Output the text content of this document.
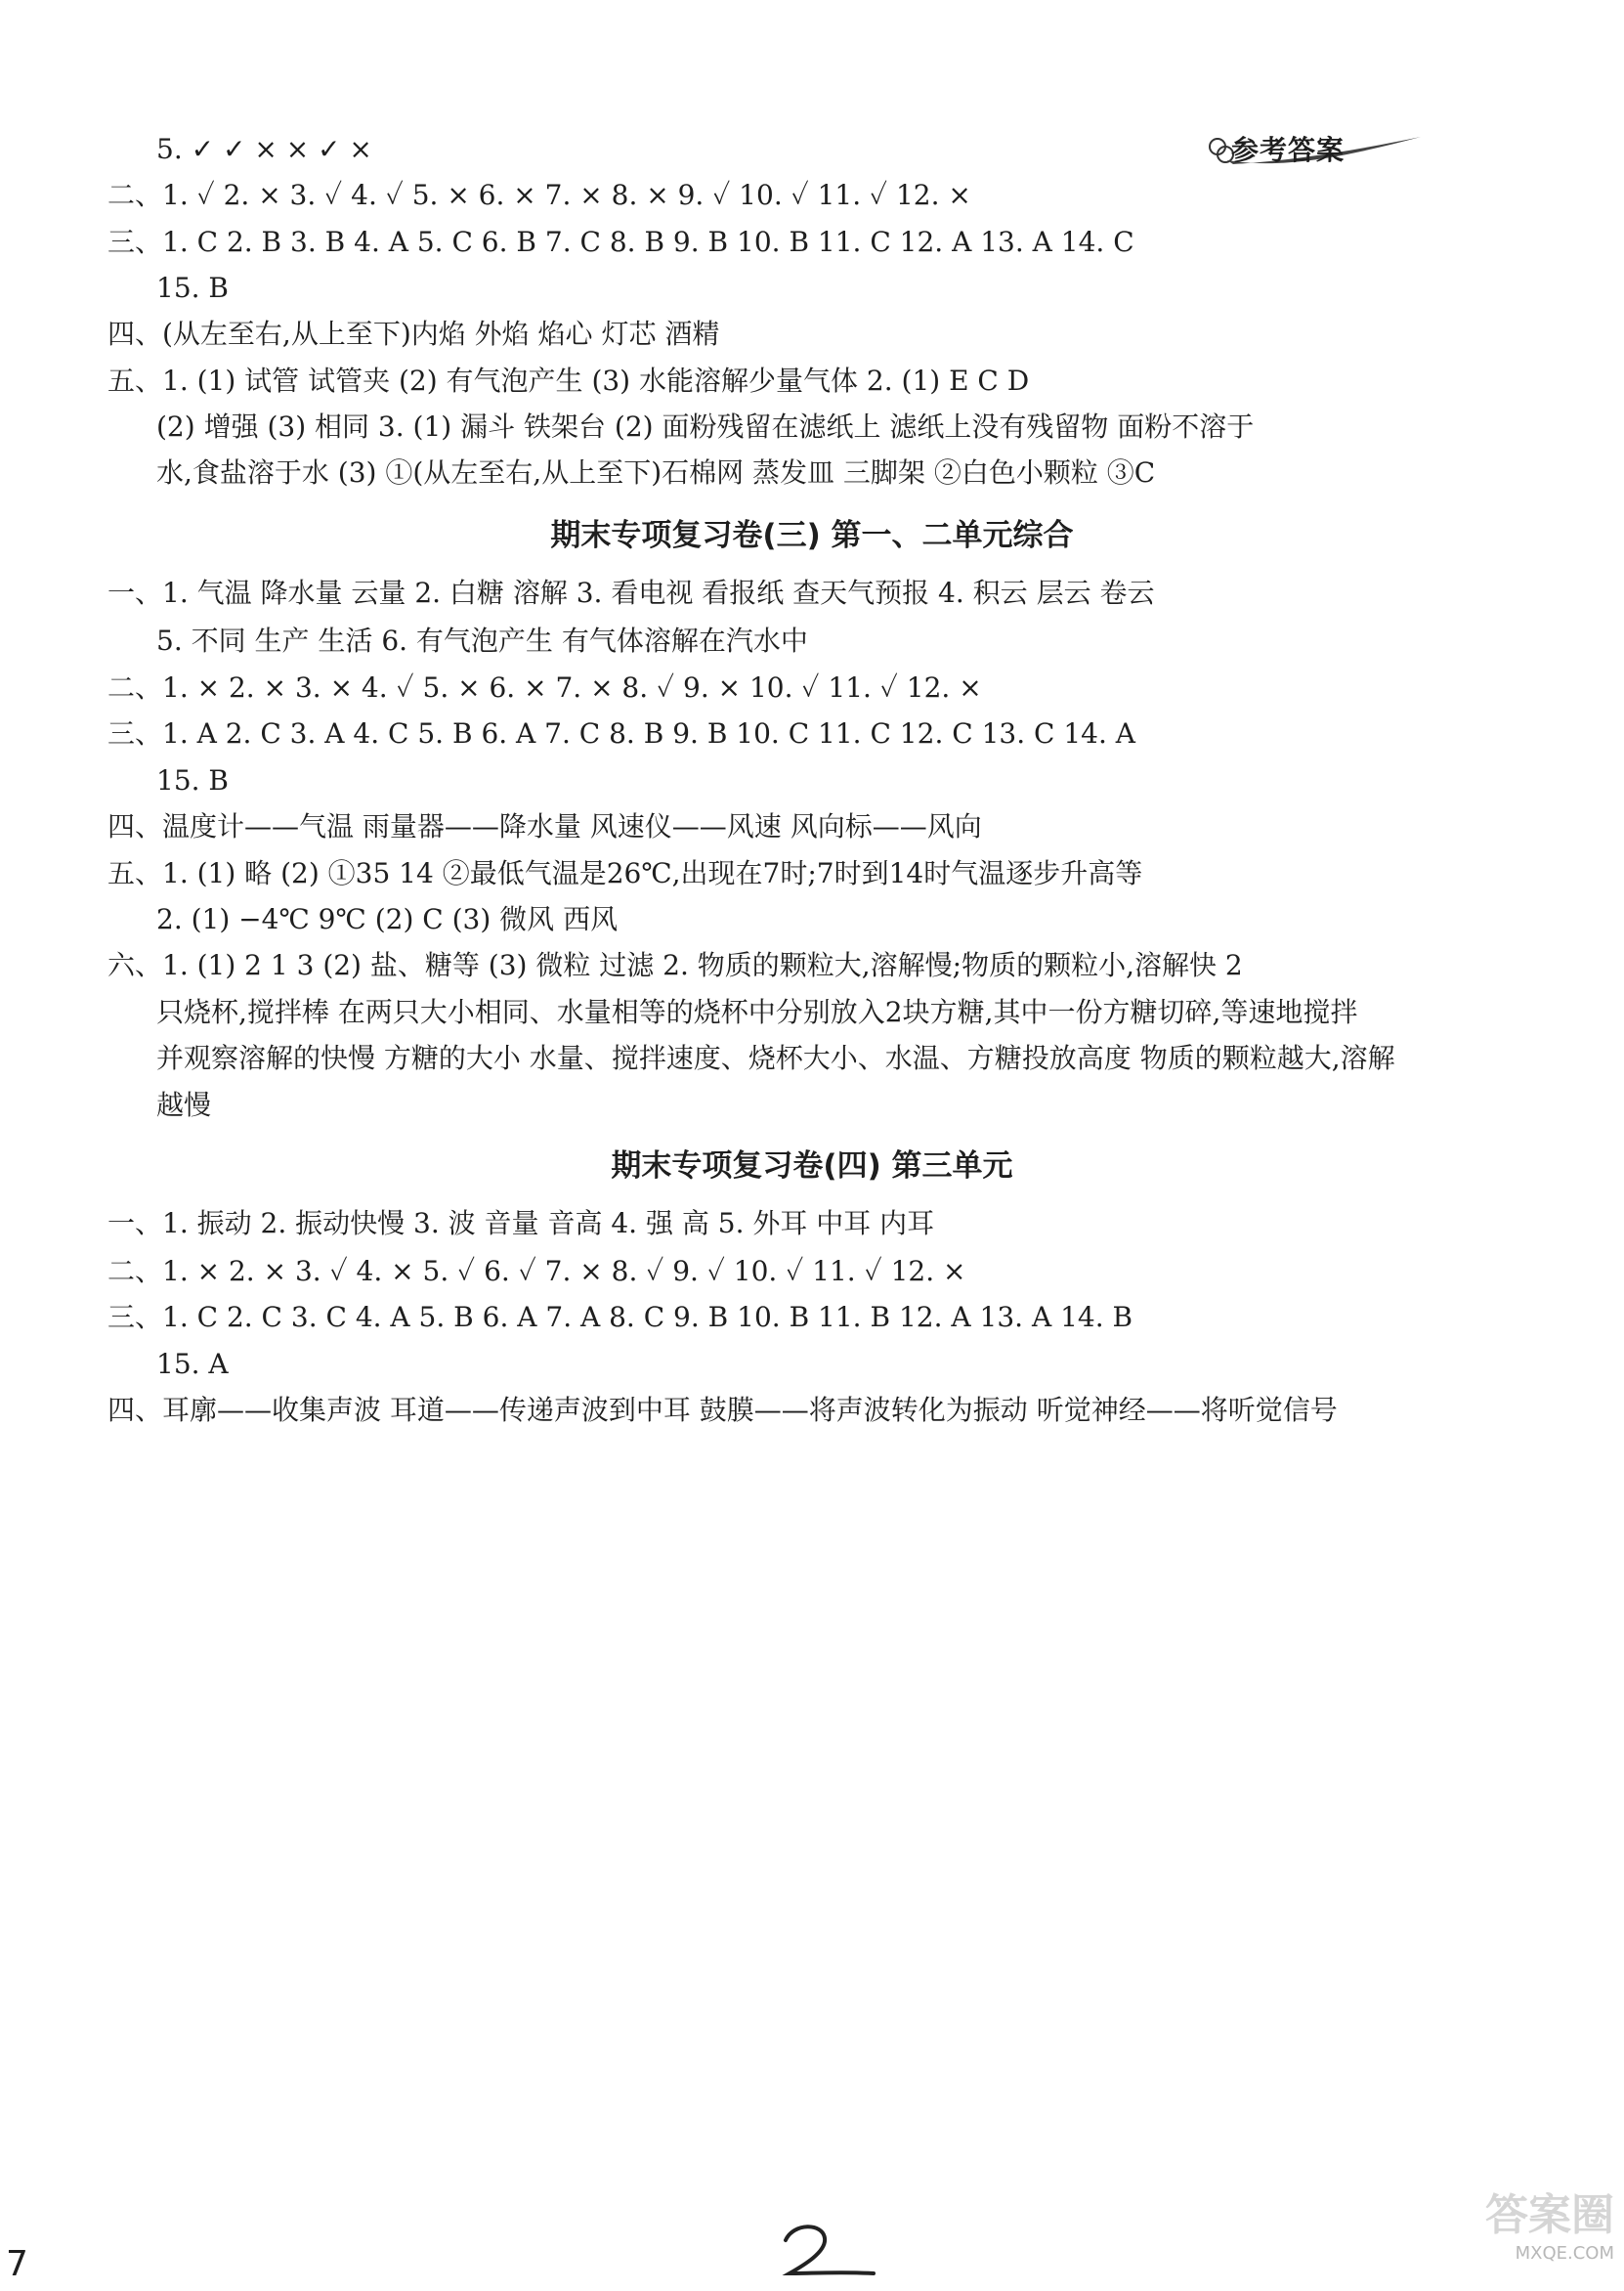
参考答案
5. ✓ ✓ × × ✓ ×
二、1. ✓ 2. × 3. ✓ 4. ✓ 5. × 6. × 7. × 8. × 9. ✓ 10. ✓ 11. ✓ 12. ×
三、1. C 2. B 3. B 4. A 5. C 6. B 7. C 8. B 9. B 10. B 11. C 12. A 13. A 14. C
15. B
四、(从左至右,从上至下)内焰 外焰 焰心 灯芯 酒精
五、1. (1) 试管 试管夹 (2) 有气泡产生 (3) 水能溶解少量气体 2. (1) E C D
(2) 增强 (3) 相同 3. (1) 漏斗 铁架台 (2) 面粉残留在滤纸上 滤纸上没有残留物 面粉不溶于
水,食盐溶于水 (3) ①(从左至右,从上至下)石棉网 蒸发皿 三脚架 ②白色小颗粒 ③C
期末专项复习卷(三) 第一、二单元综合
一、1. 气温 降水量 云量 2. 白糖 溶解 3. 看电视 看报纸 查天气预报 4. 积云 层云 卷云
5. 不同 生产 生活 6. 有气泡产生 有气体溶解在汽水中
二、1. × 2. × 3. × 4. ✓ 5. × 6. × 7. × 8. ✓ 9. × 10. ✓ 11. ✓ 12. ×
三、1. A 2. C 3. A 4. C 5. B 6. A 7. C 8. B 9. B 10. C 11. C 12. C 13. C 14. A
15. B
四、温度计——气温 雨量器——降水量 风速仪——风速 风向标——风向
五、1. (1) 略 (2) ①35 14 ②最低气温是26℃,出现在7时;7时到14时气温逐步升高等
2. (1) −4℃ 9℃ (2) C (3) 微风 西风
六、1. (1) 2 1 3 (2) 盐、糖等 (3) 微粒 过滤 2. 物质的颗粒大,溶解慢;物质的颗粒小,溶解快 2
只烧杯,搅拌棒 在两只大小相同、水量相等的烧杯中分别放入2块方糖,其中一份方糖切碎,等速地搅拌
并观察溶解的快慢 方糖的大小 水量、搅拌速度、烧杯大小、水温、方糖投放高度 物质的颗粒越大,溶解
越慢
期末专项复习卷(四) 第三单元
一、1. 振动 2. 振动快慢 3. 波 音量 音高 4. 强 高 5. 外耳 中耳 内耳
二、1. × 2. × 3. ✓ 4. × 5. ✓ 6. ✓ 7. × 8. ✓ 9. ✓ 10. ✓ 11. ✓ 12. ×
三、1. C 2. C 3. C 4. A 5. B 6. A 7. A 8. C 9. B 10. B 11. B 12. A 13. A 14. B
15. A
四、耳廓——收集声波 耳道——传递声波到中耳 鼓膜——将声波转化为振动 听觉神经——将听觉信号
7
答案圈
MXQE.COM
